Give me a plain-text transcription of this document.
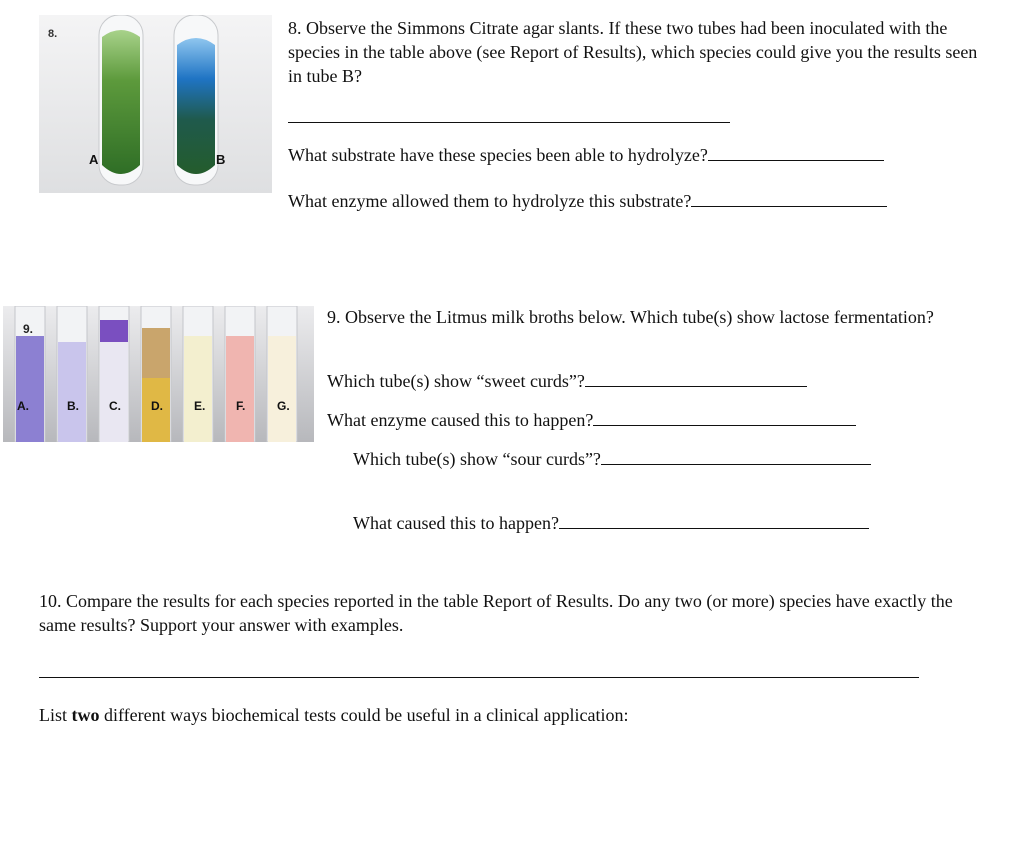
8.
A	B
8. Observe the Simmons Citrate agar slants. If these two tubes had been inoculated with the species in the table above (see Report of Results), which species could give you the results seen in tube B?
What substrate have these species been able to hydrolyze?
What enzyme allowed them to hydrolyze this substrate?
9.
A.	B.	C.	D.	E.	F.	G.
9. Observe the Litmus milk broths below. Which tube(s) show lactose fermentation?
Which tube(s) show “sweet curds”?
What enzyme caused this to happen?
Which tube(s) show “sour curds”?
What caused this to happen?
10. Compare the results for each species reported in the table Report of Results. Do any two (or more) species have exactly the same results? Support your answer with examples.
List two different ways biochemical tests could be useful in a clinical application:
